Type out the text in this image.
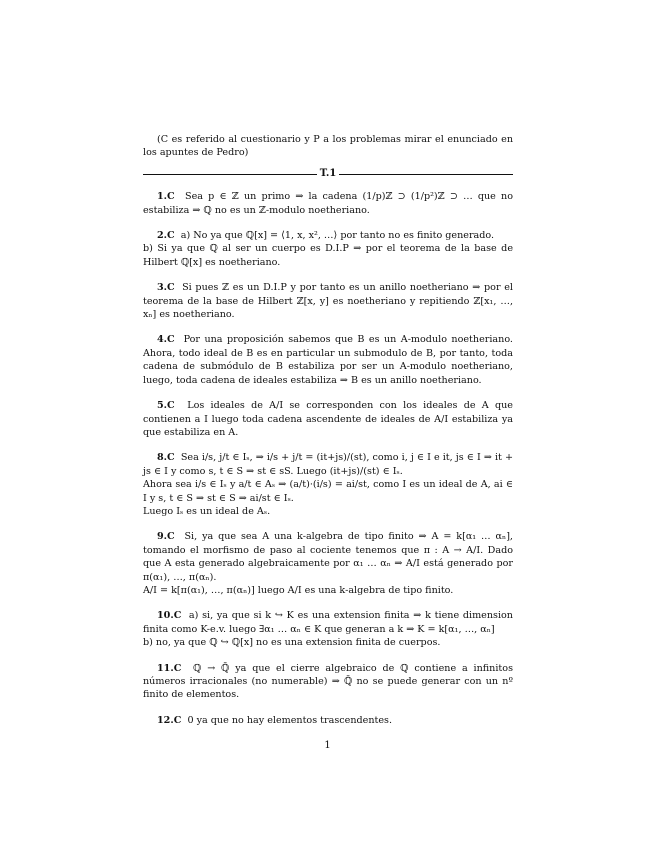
(C es referido al cuestionario y P a los problemas mirar el enunciado en los apuntes de Pedro)

T.1

1.C Sea p ∈ ℤ un primo ⇒ la cadena (1/p)ℤ ⊃ (1/p²)ℤ ⊃ … que no estabiliza ⇒ ℚ no es un ℤ-modulo noetheriano.

2.C a) No ya que ℚ[x] = ⟨1, x, x², …⟩ por tanto no es finito generado.

b) Si ya que ℚ al ser un cuerpo es D.I.P ⇒ por el teorema de la base de Hilbert ℚ[x] es noetheriano.

3.C Si pues ℤ es un D.I.P y por tanto es un anillo noetheriano ⇒ por el teorema de la base de Hilbert ℤ[x, y] es noetheriano y repitiendo ℤ[x₁, …, xₙ] es noetheriano.

4.C Por una proposición sabemos que B es un A-modulo noetheriano. Ahora, todo ideal de B es en particular un submodulo de B, por tanto, toda cadena de submódulo de B estabiliza por ser un A-modulo noetheriano, luego, toda cadena de ideales estabiliza ⇒ B es un anillo noetheriano.

5.C Los ideales de A/I se corresponden con los ideales de A que contienen a I luego toda cadena ascendente de ideales de A/I estabiliza ya que estabiliza en A.

8.C Sea i/s, j/t ∈ Iₛ, ⇒ i/s + j/t = (it+js)/(st), como i, j ∈ I e it, js ∈ I ⇒ it + js ∈ I y como s, t ∈ S ⇒ st ∈ sS. Luego (it+js)/(st) ∈ Iₛ.

Ahora sea i/s ∈ Iₛ y a/t ∈ Aₛ ⇒ (a/t)·(i/s) = ai/st, como I es un ideal de A, ai ∈ I y s, t ∈ S ⇒ st ∈ S ⇒ ai/st ∈ Iₛ.

Luego Iₛ es un ideal de Aₛ.

9.C Si, ya que sea A una k-algebra de tipo finito ⇒ A = k[α₁ … αₙ], tomando el morfismo de paso al cociente tenemos que π : A → A/I. Dado que A esta generado algebraicamente por α₁ … αₙ ⇒ A/I está generado por π(α₁), …, π(αₙ).

A/I = k[π(α₁), …, π(αₙ)] luego A/I es una k-algebra de tipo finito.

10.C a) si, ya que si k ↪ K es una extension finita ⇒ k tiene dimension finita como K-e.v. luego ∃α₁ … αₙ ∈ K que generan a k ⇒ K = k[α₁, …, αₙ]

b) no, ya que ℚ ↪ ℚ[x] no es una extension finita de cuerpos.

11.C ℚ → ℚ̄ ya que el cierre algebraico de ℚ contiene a infinitos números irracionales (no numerable) ⇒ ℚ̄ no se puede generar con un nº finito de elementos.

12.C 0 ya que no hay elementos trascendentes.

1
